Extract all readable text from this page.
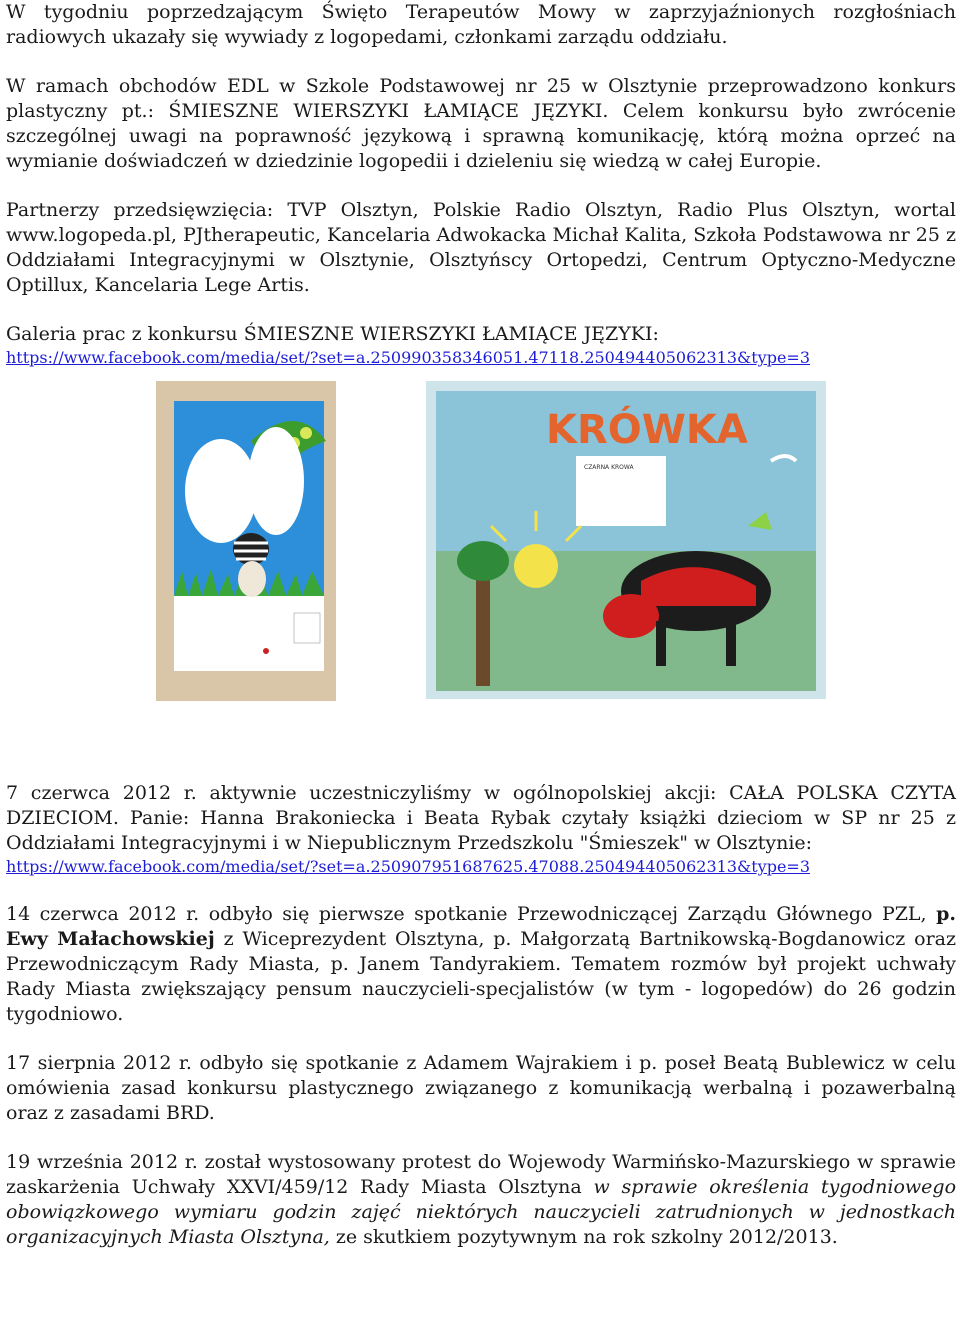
W tygodniu poprzedzającym Święto Terapeutów Mowy w zaprzyjaźnionych rozgłośniach radiowych ukazały się wywiady z logopedami, członkami zarządu oddziału.

W ramach obchodów EDL w Szkole Podstawowej nr 25 w Olsztynie przeprowadzono konkurs plastyczny pt.: ŚMIESZNE WIERSZYKI ŁAMIĄCE JĘZYKI. Celem konkursu było zwrócenie szczególnej uwagi na poprawność językową i sprawną komunikację, którą można oprzeć na wymianie doświadczeń w dziedzinie logopedii i dzieleniu się wiedzą w całej Europie.

Partnerzy przedsięwzięcia: TVP Olsztyn, Polskie Radio Olsztyn, Radio Plus Olsztyn, wortal www.logopeda.pl, PJtherapeutic, Kancelaria Adwokacka Michał Kalita, Szkoła Podstawowa nr 25 z Oddziałami Integracyjnymi w Olsztynie, Olsztyńscy Ortopedzi, Centrum Optyczno-Medyczne Optillux, Kancelaria Lege Artis.

Galeria prac z konkursu ŚMIESZNE WIERSZYKI ŁAMIĄCE JĘZYKI:

https://www.facebook.com/media/set/?set=a.250990358346051.47118.250494405062313&type=3
KRÓWKA
CZARNA KROWA

7 czerwca 2012 r. aktywnie uczestniczyliśmy w ogólnopolskiej akcji: CAŁA POLSKA CZYTA DZIECIOM. Panie: Hanna Brakoniecka i Beata Rybak czytały książki dzieciom w SP nr 25 z Oddziałami Integracyjnymi i w Niepublicznym Przedszkolu "Śmieszek" w Olsztynie:

https://www.facebook.com/media/set/?set=a.250907951687625.47088.250494405062313&type=3

14 czerwca 2012 r. odbyło się pierwsze spotkanie Przewodniczącej Zarządu Głównego PZL, p. Ewy Małachowskiej z Wiceprezydent Olsztyna, p. Małgorzatą Bartnikowską-Bogdanowicz oraz Przewodniczącym Rady Miasta, p. Janem Tandyrakiem. Tematem rozmów był projekt uchwały Rady Miasta zwiększający pensum nauczycieli-specjalistów (w tym - logopedów) do 26 godzin tygodniowo.

17 sierpnia 2012 r. odbyło się spotkanie z Adamem Wajrakiem i p. poseł Beatą Bublewicz w celu omówienia zasad konkursu plastycznego związanego z komunikacją werbalną i pozawerbalną oraz z zasadami BRD.

19 września 2012 r. został wystosowany protest do Wojewody Warmińsko-Mazurskiego w sprawie zaskarżenia Uchwały XXVI/459/12 Rady Miasta Olsztyna w sprawie określenia tygodniowego obowiązkowego wymiaru godzin zajęć niektórych nauczycieli zatrudnionych w jednostkach organizacyjnych Miasta Olsztyna, ze skutkiem pozytywnym na rok szkolny 2012/2013.
